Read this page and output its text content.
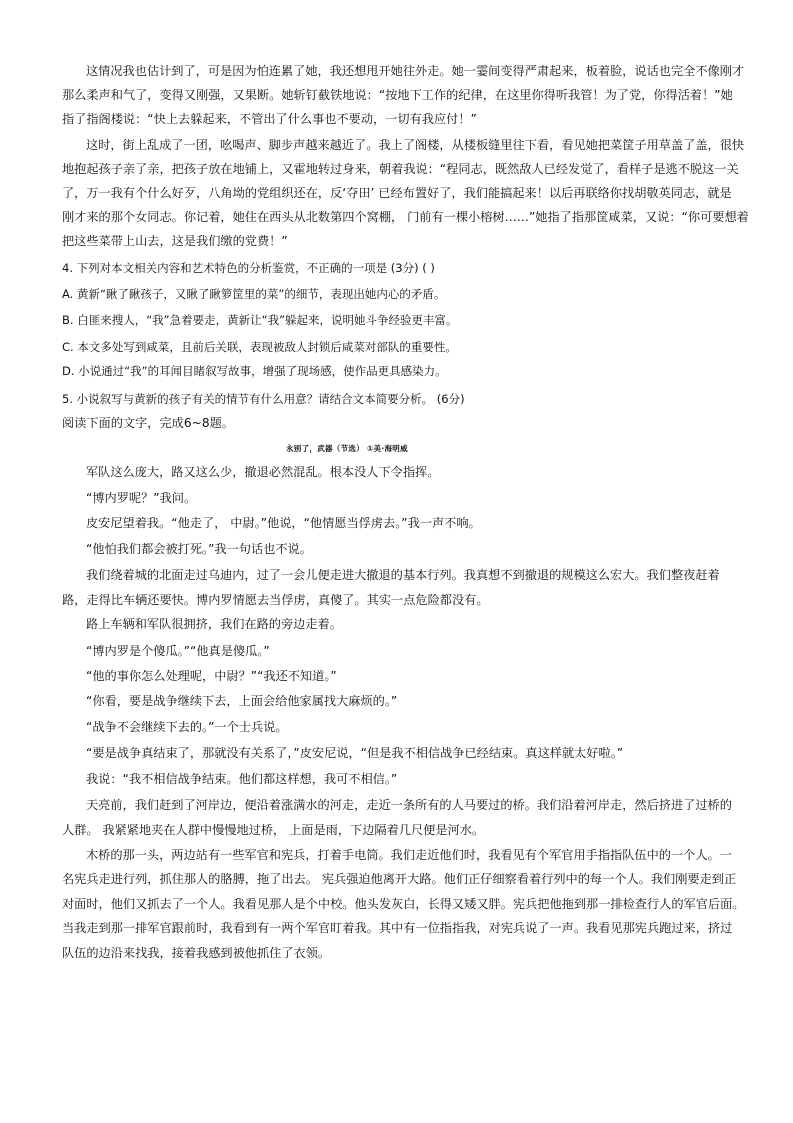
这情况我也估计到了，可是因为怕连累了她，我还想甩开她往外走。她一霎间变得严肃起来，板着脸，说话也完全不像刚才
那么柔声和气了，变得又刚强，又果断。她斩钉截铁地说：“按地下工作的纪律，在这里你得听我管！为了党，你得活着！”她
指了指阁楼说：“快上去躲起来，不管出了什么事也不要动，一切有我应付！”
这时，街上乱成了一团，吆喝声、脚步声越来越近了。我上了阁楼，从楼板缝里往下看，看见她把菜筐子用草盖了盖，很快
地抱起孩子亲了亲，把孩子放在地铺上，又霍地转过身来，朝着我说：“程同志，既然敌人已经发觉了，看样子是逃不脱这一关
了，万一我有个什么好歹，八角坳的党组织还在，反‘夺田’ 已经布置好了，我们能搞起来！以后再联络你找胡敬英同志，就是
刚才来的那个女同志。你记着，她住在西头从北数第四个窝棚， 门前有一棵小榕树……”她指了指那筐咸菜，又说：“你可要想着
把这些菜带上山去，这是我们缴的党费！”
4. 下列对本文相关内容和艺术特色的分析鉴赏，不正确的一项是 (3分) ( )
A. 黄新“瞅了瞅孩子，又瞅了瞅箩筐里的菜”的细节，表现出她内心的矛盾。
B. 白匪来搜人，“我”急着要走，黄新让“我”躲起来，说明她斗争经验更丰富。
C. 本文多处写到咸菜，且前后关联，表现被敌人封锁后咸菜对部队的重要性。
D. 小说通过“我”的耳闻目睹叙写故事，增强了现场感，使作品更具感染力。
5. 小说叙写与黄新的孩子有关的情节有什么用意？请结合文本简要分析。 (6分)
阅读下面的文字，完成6~8题。
永别了，武器（节选） ①美·海明威
军队这么庞大，路又这么少，撤退必然混乱。根本没人下令指挥。
“博内罗呢？”我问。
皮安尼望着我。“他走了， 中尉。”他说，“他情愿当俘虏去。”我一声不响。
“他怕我们都会被打死。”我一句话也不说。
我们绕着城的北面走过乌迪内，过了一会儿便走进大撤退的基本行列。我真想不到撤退的规模这么宏大。我们整夜赶着
路，走得比车辆还要快。博内罗情愿去当俘虏，真傻了。其实一点危险都没有。
路上车辆和军队很拥挤，我们在路的旁边走着。
“博内罗是个傻瓜。”“他真是傻瓜。”
“他的事你怎么处理呢，中尉？”“我还不知道。”
“你看，要是战争继续下去，上面会给他家属找大麻烦的。”
“战争不会继续下去的。”一个士兵说。
“要是战争真结束了，那就没有关系了，”皮安尼说，“但是我不相信战争已经结束。真这样就太好啦。”
我说：“我不相信战争结束。他们都这样想，我可不相信。”
天亮前，我们赶到了河岸边，便沿着涨满水的河走，走近一条所有的人马要过的桥。我们沿着河岸走，然后挤进了过桥的
人群。 我紧紧地夹在人群中慢慢地过桥， 上面是雨，下边隔着几尺便是河水。
木桥的那一头，两边站有一些军官和宪兵，打着手电筒。我们走近他们时，我看见有个军官用手指指队伍中的一个人。一
名宪兵走进行列，抓住那人的胳膊，拖了出去。 宪兵强迫他离开大路。他们正仔细察看着行列中的每一个人。我们刚要走到正
对面时，他们又抓去了一个人。我看见那人是个中校。他头发灰白，长得又矮又胖。宪兵把他拖到那一排检查行人的军官后面。
当我走到那一排军官跟前时，我看到有一两个军官盯着我。其中有一位指指我，对宪兵说了一声。我看见那宪兵跑过来，挤过
队伍的边沿来找我，接着我感到被他抓住了衣领。
